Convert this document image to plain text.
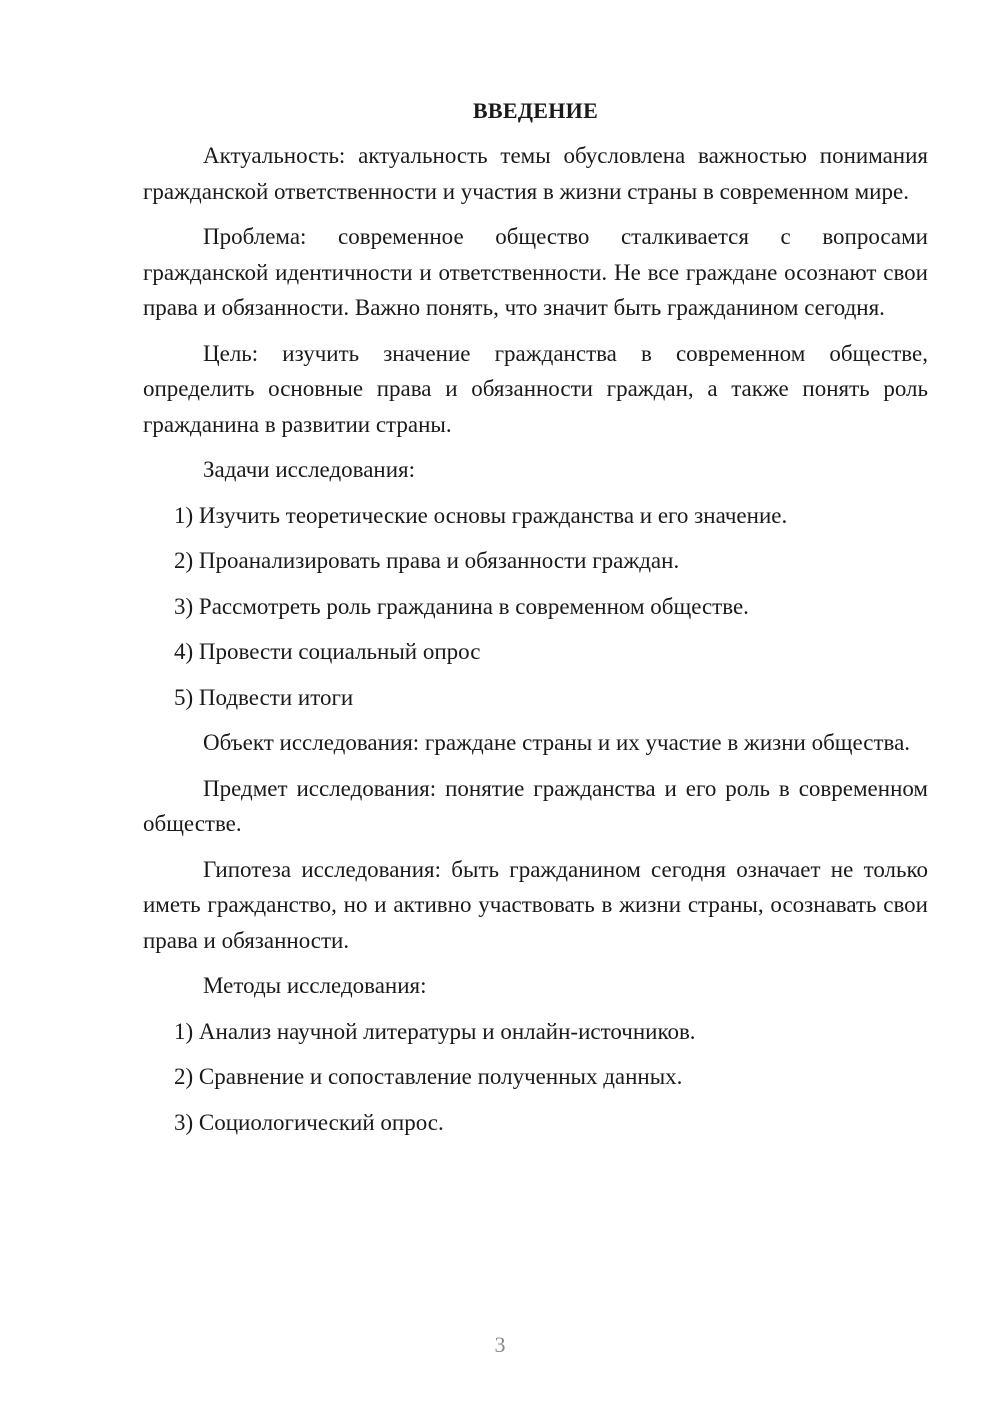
ВВЕДЕНИЕ

Актуальность: актуальность темы обусловлена важностью понимания гражданской ответственности и участия в жизни страны в современном мире.

Проблема: современное общество сталкивается с вопросами гражданской идентичности и ответственности. Не все граждане осознают свои права и обязанности. Важно понять, что значит быть гражданином сегодня.

Цель: изучить значение гражданства в современном обществе, определить основные права и обязанности граждан, а также понять роль гражданина в развитии страны.

Задачи исследования:

1) Изучить теоретические основы гражданства и его значение.

2) Проанализировать права и обязанности граждан.

3) Рассмотреть роль гражданина в современном обществе.

4) Провести социальный опрос

5) Подвести итоги

Объект исследования: граждане страны и их участие в жизни общества.

Предмет исследования: понятие гражданства и его роль в современном обществе.

Гипотеза исследования: быть гражданином сегодня означает не только иметь гражданство, но и активно участвовать в жизни страны, осознавать свои права и обязанности.

Методы исследования:

1) Анализ научной литературы и онлайн-источников.

2) Сравнение и сопоставление полученных данных.

3) Социологический опрос.

3
